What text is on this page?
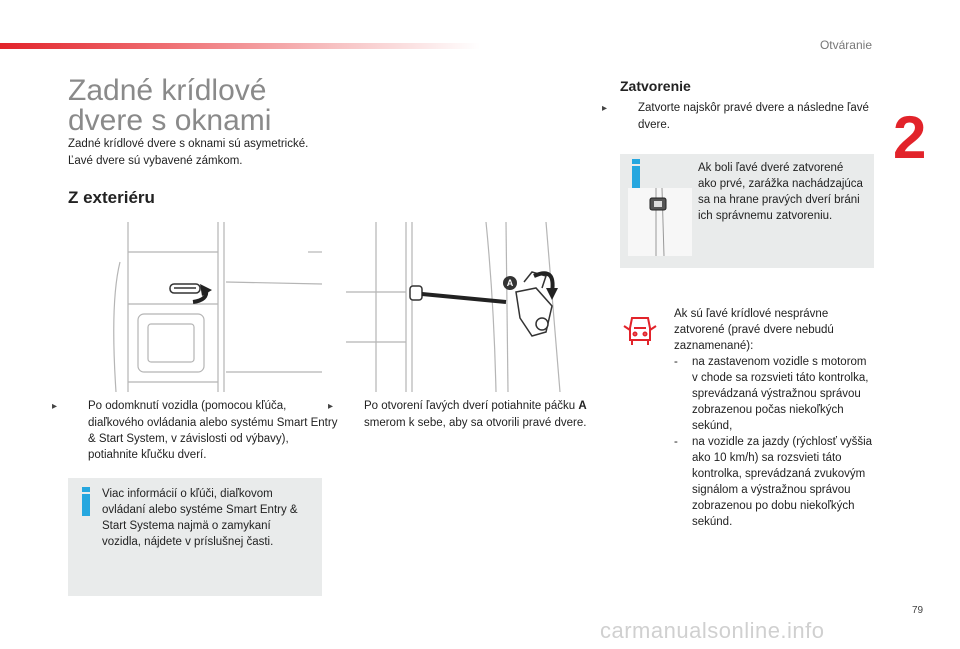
Otváranie
2
Zadné krídlové
dvere s oknami
Zadné krídlové dvere s oknami sú asymetrické.
Ľavé dvere sú vybavené zámkom.
Z exteriéru
A
▸	Po odomknutí vozidla (pomocou kľúča, diaľkového ovládania alebo systému Smart Entry & Start System, v závislosti od výbavy), potiahnite kľučku dverí.
▸	Po otvorení ľavých dverí potiahnite páčku A smerom k sebe, aby sa otvorili pravé dvere.
Viac informácií o kľúči, diaľkovom ovládaní alebo systéme Smart Entry & Start Systema najmä o zamykaní vozidla, nájdete v príslušnej časti.
Zatvorenie
▸	Zatvorte najskôr pravé dvere a následne ľavé dvere.
Ak boli ľavé dveré zatvorené ako prvé, zarážka nachádzajúca sa na hrane pravých dverí bráni ich správnemu zatvoreniu.
Ak sú ľavé krídlové nesprávne zatvorené (pravé dvere nebudú zaznamenané):
- na zastavenom vozidle s motorom v chode sa rozsvieti táto kontrolka, sprevádzaná výstražnou správou zobrazenou počas niekoľkých sekúnd,
- na vozidle za jazdy (rýchlosť vyššia ako 10 km/h) sa rozsvieti táto kontrolka, sprevádzaná zvukovým signálom a výstražnou správou zobrazenou po dobu niekoľkých sekúnd.
79
carmanualsonline.info
